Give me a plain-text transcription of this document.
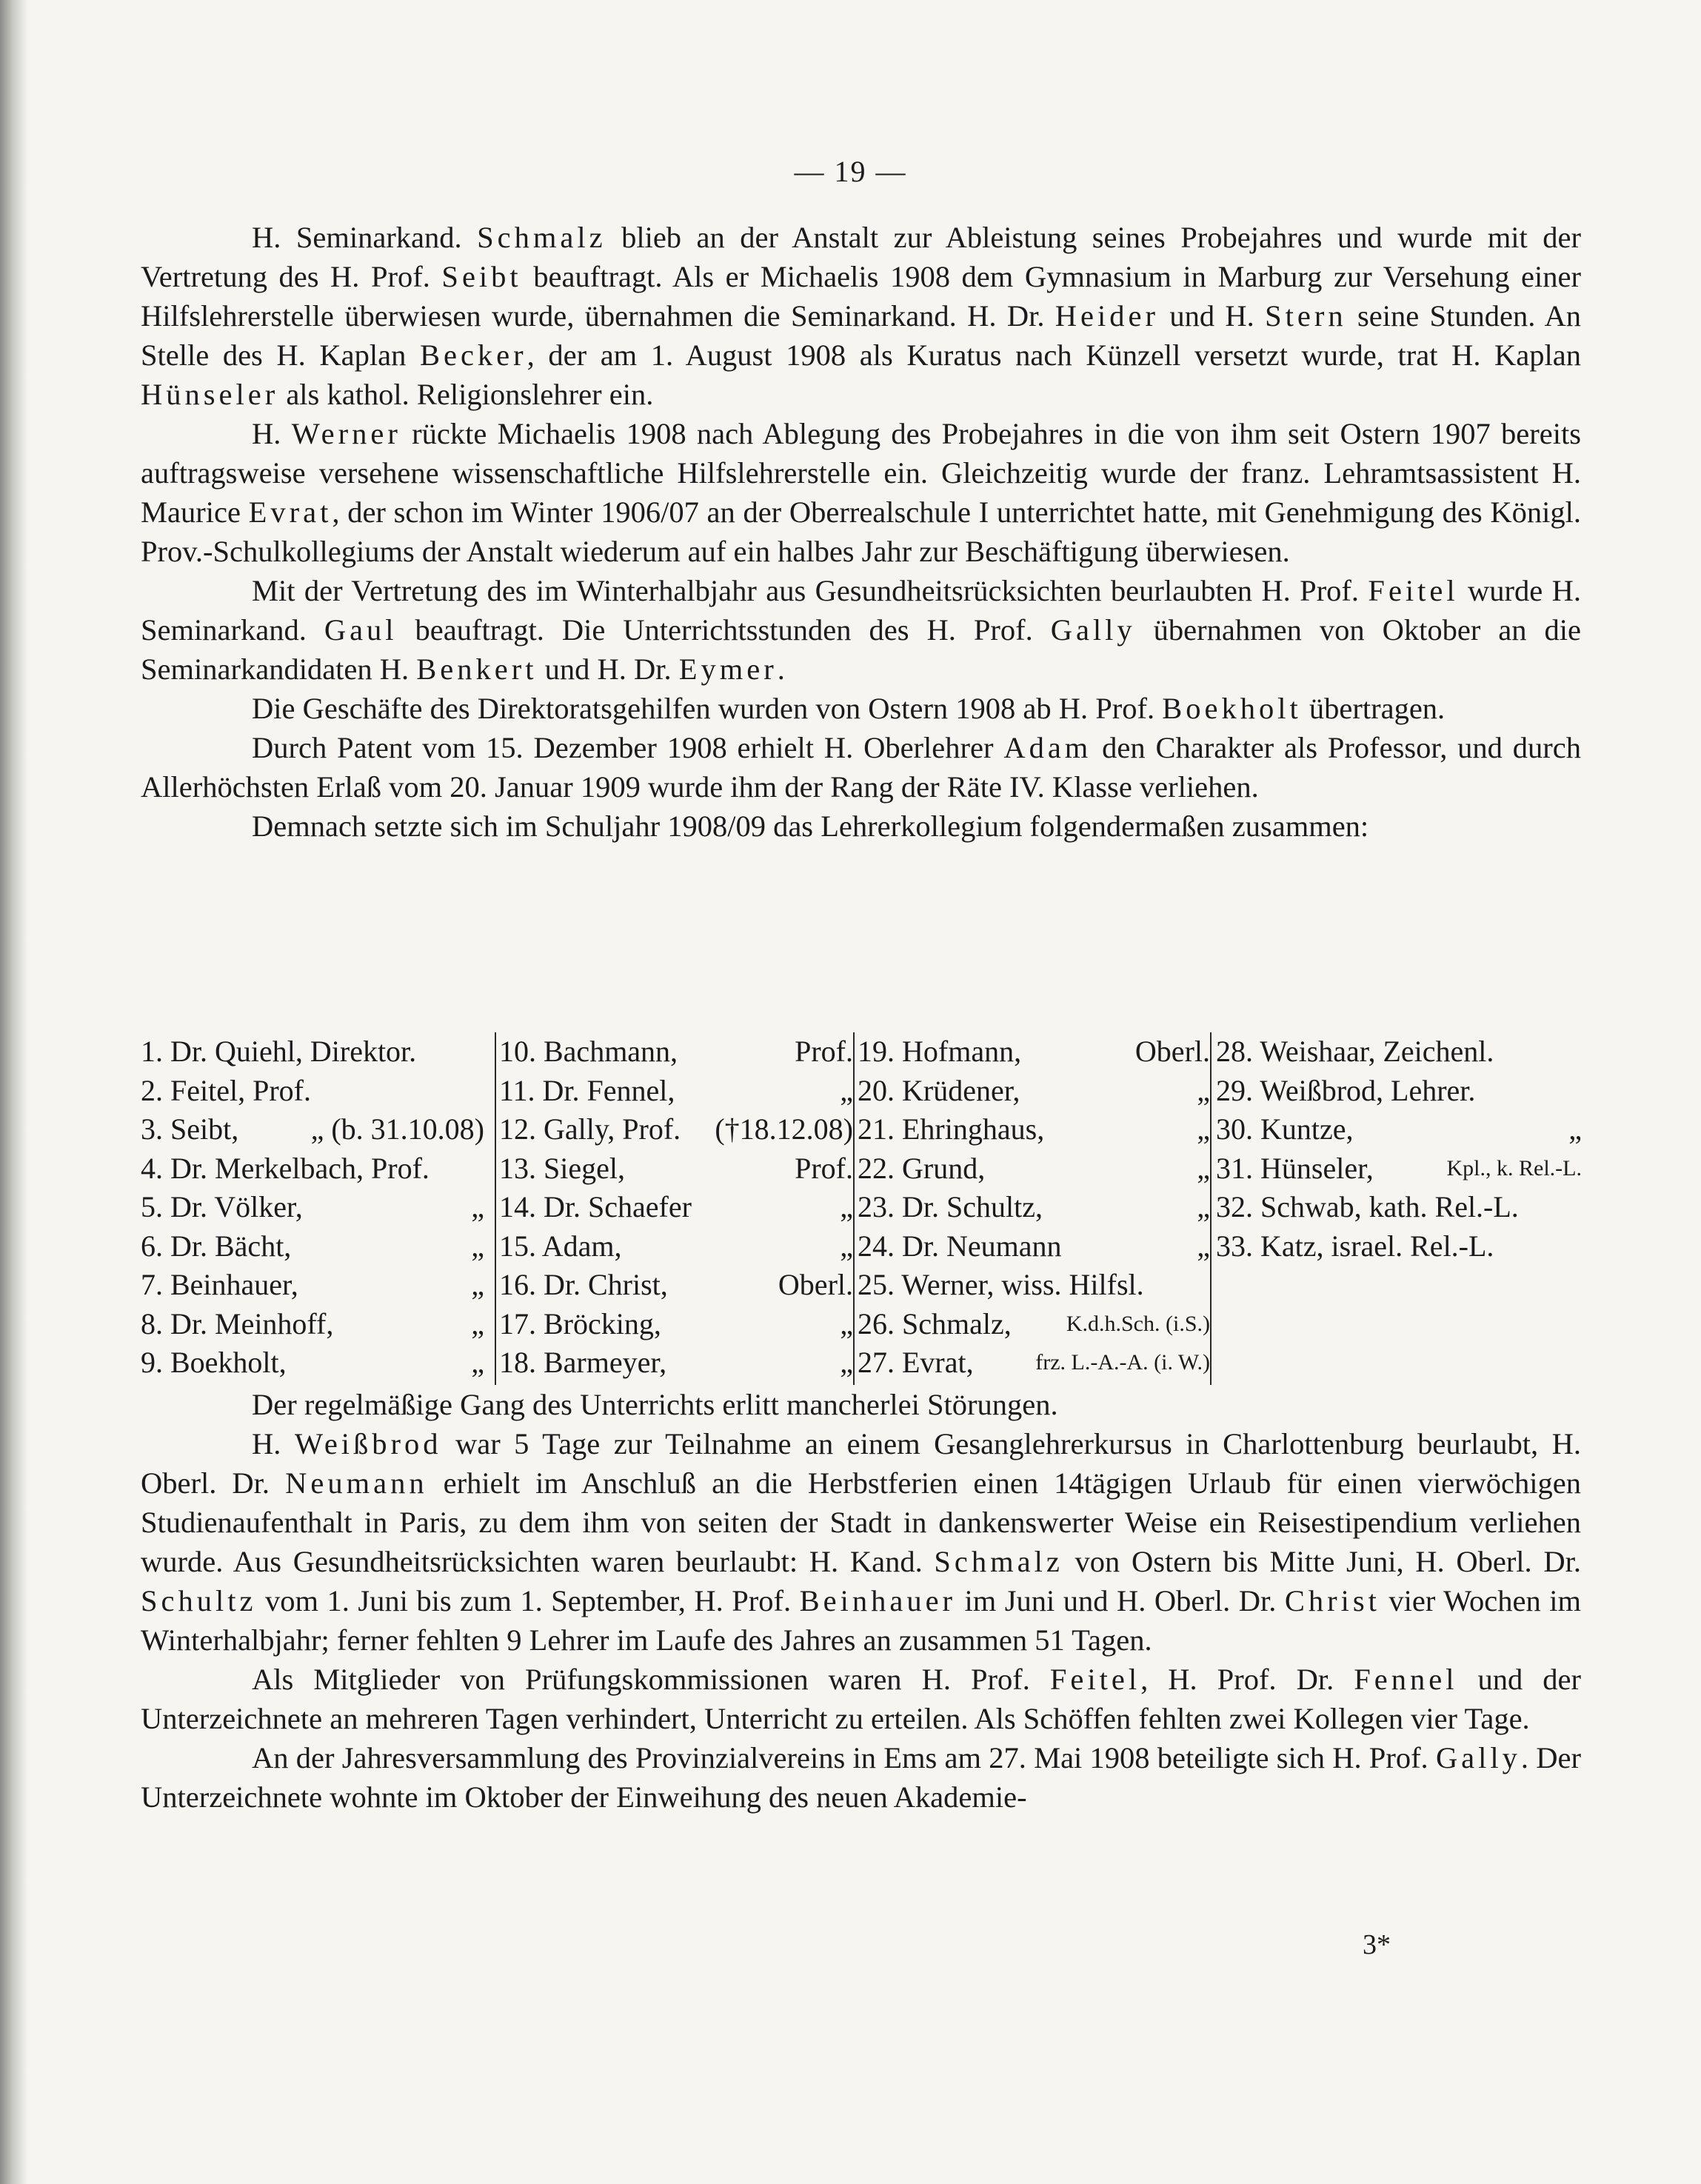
— 19 —

H. Seminarkand. Schmalz blieb an der Anstalt zur Ableistung seines Probejahres und wurde mit der Vertretung des H. Prof. Seibt beauftragt. Als er Michaelis 1908 dem Gymnasium in Marburg zur Versehung einer Hilfslehrerstelle überwiesen wurde, übernahmen die Seminarkand. H. Dr. Heider und H. Stern seine Stunden. An Stelle des H. Kaplan Becker, der am 1. August 1908 als Kuratus nach Künzell versetzt wurde, trat H. Kaplan Hünseler als kathol. Religionslehrer ein.

H. Werner rückte Michaelis 1908 nach Ablegung des Probejahres in die von ihm seit Ostern 1907 bereits auftragsweise versehene wissenschaftliche Hilfslehrerstelle ein. Gleichzeitig wurde der franz. Lehramtsassistent H. Maurice Evrat, der schon im Winter 1906/07 an der Oberrealschule I unterrichtet hatte, mit Genehmigung des Königl. Prov.-Schulkollegiums der Anstalt wiederum auf ein halbes Jahr zur Beschäftigung überwiesen.

Mit der Vertretung des im Winterhalbjahr aus Gesundheitsrücksichten beurlaubten H. Prof. Feitel wurde H. Seminarkand. Gaul beauftragt. Die Unterrichtsstunden des H. Prof. Gally übernahmen von Oktober an die Seminarkandidaten H. Benkert und H. Dr. Eymer.

Die Geschäfte des Direktoratsgehilfen wurden von Ostern 1908 ab H. Prof. Boekholt übertragen.

Durch Patent vom 15. Dezember 1908 erhielt H. Oberlehrer Adam den Charakter als Professor, und durch Allerhöchsten Erlaß vom 20. Januar 1909 wurde ihm der Rang der Räte IV. Klasse verliehen.

Demnach setzte sich im Schuljahr 1908/09 das Lehrerkollegium folgendermaßen zusammen:

1. Dr. Quiehl, Direktor.
2. Feitel, Prof.
3. Seibt,	„ (b. 31.10.08)
4. Dr. Merkelbach, Prof.
5. Dr. Völker,	„
6. Dr. Bächt,	„
7. Beinhauer,	„
8. Dr. Meinhoff,	„
9. Boekholt,	„
10. Bachmann,	Prof.
11. Dr. Fennel,	„
12. Gally, Prof.	(†18.12.08)
13. Siegel,	Prof.
14. Dr. Schaefer	„
15. Adam,	„
16. Dr. Christ,	Oberl.
17. Bröcking,	„
18. Barmeyer,	„
19. Hofmann,	Oberl.
20. Krüdener,	„
21. Ehringhaus,	„
22. Grund,	„
23. Dr. Schultz,	„
24. Dr. Neumann	„
25. Werner, wiss. Hilfsl.
26. Schmalz,	K.d.h.Sch. (i.S.)
27. Evrat,	frz. L.-A.-A. (i. W.)
28. Weishaar, Zeichenl.
29. Weißbrod, Lehrer.
30. Kuntze,	„
31. Hünseler,	Kpl., k. Rel.-L.
32. Schwab, kath. Rel.-L.
33. Katz, israel. Rel.-L.

Der regelmäßige Gang des Unterrichts erlitt mancherlei Störungen.

H. Weißbrod war 5 Tage zur Teilnahme an einem Gesanglehrerkursus in Charlottenburg beurlaubt, H. Oberl. Dr. Neumann erhielt im Anschluß an die Herbstferien einen 14tägigen Urlaub für einen vierwöchigen Studienaufenthalt in Paris, zu dem ihm von seiten der Stadt in dankenswerter Weise ein Reisestipendium verliehen wurde. Aus Gesundheitsrücksichten waren beurlaubt: H. Kand. Schmalz von Ostern bis Mitte Juni, H. Oberl. Dr. Schultz vom 1. Juni bis zum 1. September, H. Prof. Beinhauer im Juni und H. Oberl. Dr. Christ vier Wochen im Winterhalbjahr; ferner fehlten 9 Lehrer im Laufe des Jahres an zusammen 51 Tagen.

Als Mitglieder von Prüfungskommissionen waren H. Prof. Feitel, H. Prof. Dr. Fennel und der Unterzeichnete an mehreren Tagen verhindert, Unterricht zu erteilen. Als Schöffen fehlten zwei Kollegen vier Tage.

An der Jahresversammlung des Provinzialvereins in Ems am 27. Mai 1908 beteiligte sich H. Prof. Gally. Der Unterzeichnete wohnte im Oktober der Einweihung des neuen Akademie-

3*
